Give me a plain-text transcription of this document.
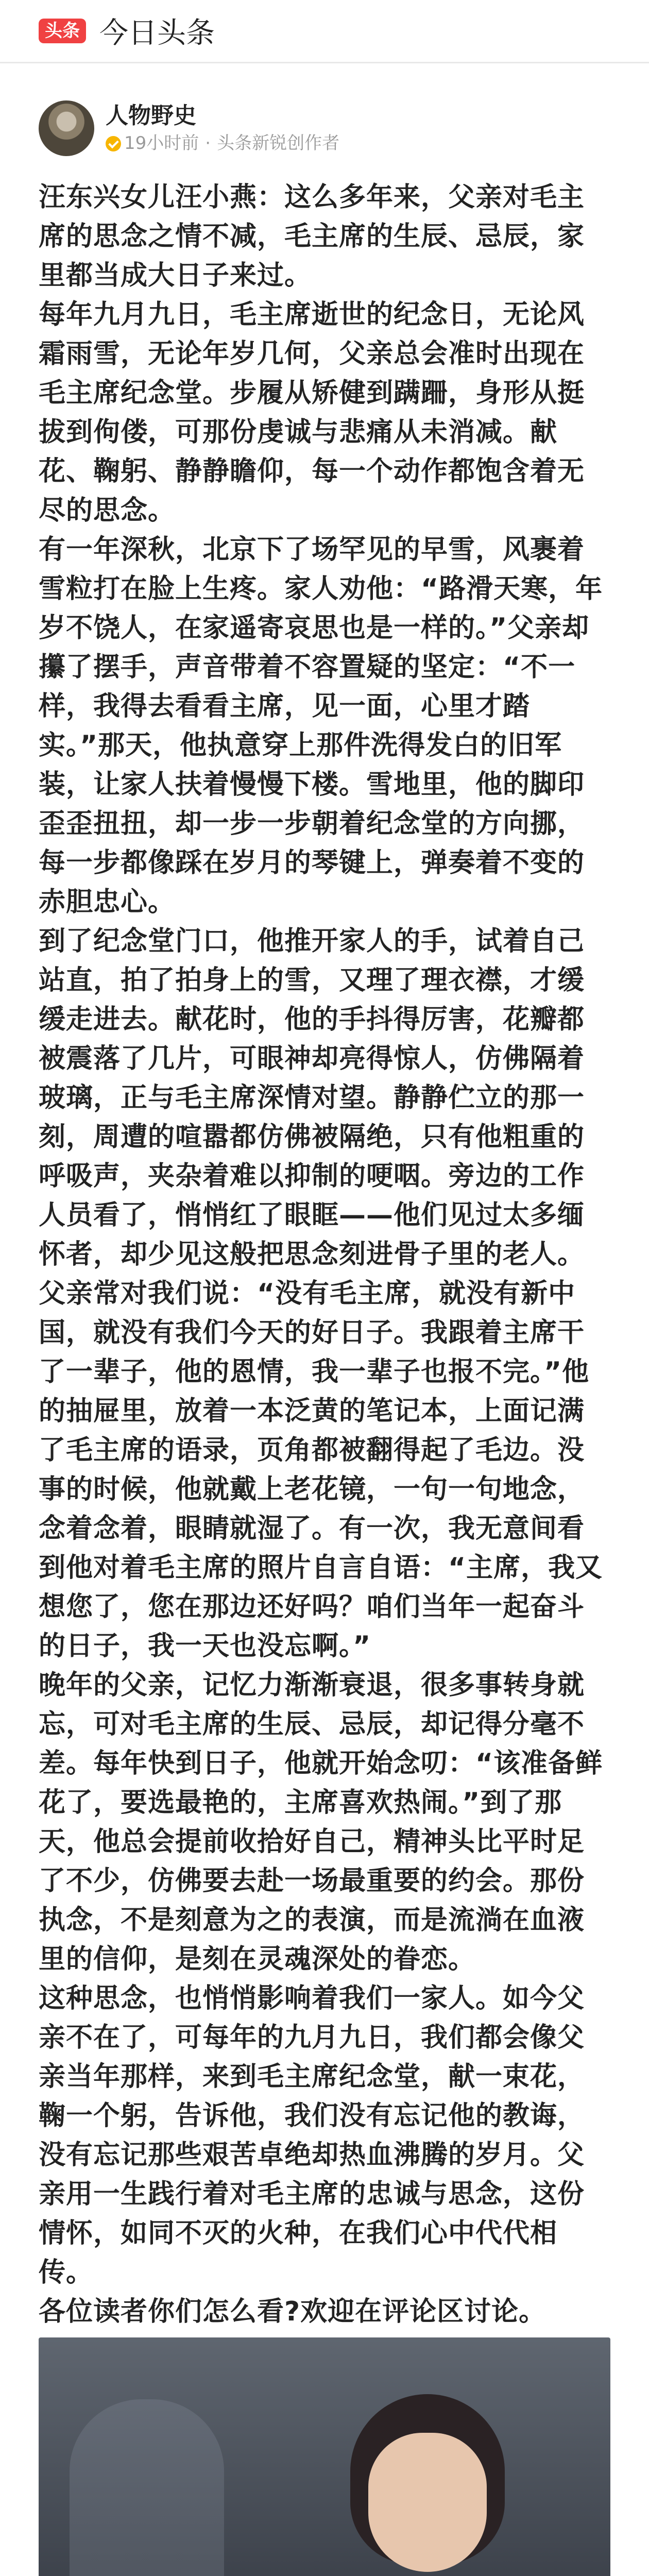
头条 今日头条
人物野史
19小时前 · 头条新锐创作者

汪东兴女儿汪小燕：这么多年来，父亲对毛主席的思念之情不减，毛主席的生辰、忌辰，家里都当成大日子来过。

每年九月九日，毛主席逝世的纪念日，无论风霜雨雪，无论年岁几何，父亲总会准时出现在毛主席纪念堂。步履从矫健到蹒跚，身形从挺拔到佝偻，可那份虔诚与悲痛从未消减。献花、鞠躬、静静瞻仰，每一个动作都饱含着无尽的思念。

有一年深秋，北京下了场罕见的早雪，风裹着雪粒打在脸上生疼。家人劝他：“路滑天寒，年岁不饶人，在家遥寄哀思也是一样的。”父亲却攥了摆手，声音带着不容置疑的坚定：“不一样，我得去看看主席，见一面，心里才踏实。”那天，他执意穿上那件洗得发白的旧军装，让家人扶着慢慢下楼。雪地里，他的脚印歪歪扭扭，却一步一步朝着纪念堂的方向挪，每一步都像踩在岁月的琴键上，弹奏着不变的赤胆忠心。

到了纪念堂门口，他推开家人的手，试着自己站直，拍了拍身上的雪，又理了理衣襟，才缓缓走进去。献花时，他的手抖得厉害，花瓣都被震落了几片，可眼神却亮得惊人，仿佛隔着玻璃，正与毛主席深情对望。静静伫立的那一刻，周遭的喧嚣都仿佛被隔绝，只有他粗重的呼吸声，夹杂着难以抑制的哽咽。旁边的工作人员看了，悄悄红了眼眶——他们见过太多缅怀者，却少见这般把思念刻进骨子里的老人。

父亲常对我们说：“没有毛主席，就没有新中国，就没有我们今天的好日子。我跟着主席干了一辈子，他的恩情，我一辈子也报不完。”他的抽屉里，放着一本泛黄的笔记本，上面记满了毛主席的语录，页角都被翻得起了毛边。没事的时候，他就戴上老花镜，一句一句地念，念着念着，眼睛就湿了。有一次，我无意间看到他对着毛主席的照片自言自语：“主席，我又想您了，您在那边还好吗？咱们当年一起奋斗的日子，我一天也没忘啊。”

晚年的父亲，记忆力渐渐衰退，很多事转身就忘，可对毛主席的生辰、忌辰，却记得分毫不差。每年快到日子，他就开始念叨：“该准备鲜花了，要选最艳的，主席喜欢热闹。”到了那天，他总会提前收拾好自己，精神头比平时足了不少，仿佛要去赴一场最重要的约会。那份执念，不是刻意为之的表演，而是流淌在血液里的信仰，是刻在灵魂深处的眷恋。

这种思念，也悄悄影响着我们一家人。如今父亲不在了，可每年的九月九日，我们都会像父亲当年那样，来到毛主席纪念堂，献一束花，鞠一个躬，告诉他，我们没有忘记他的教诲，没有忘记那些艰苦卓绝却热血沸腾的岁月。父亲用一生践行着对毛主席的忠诚与思念，这份情怀，如同不灭的火种，在我们心中代代相传。

各位读者你们怎么看?欢迎在评论区讨论。
